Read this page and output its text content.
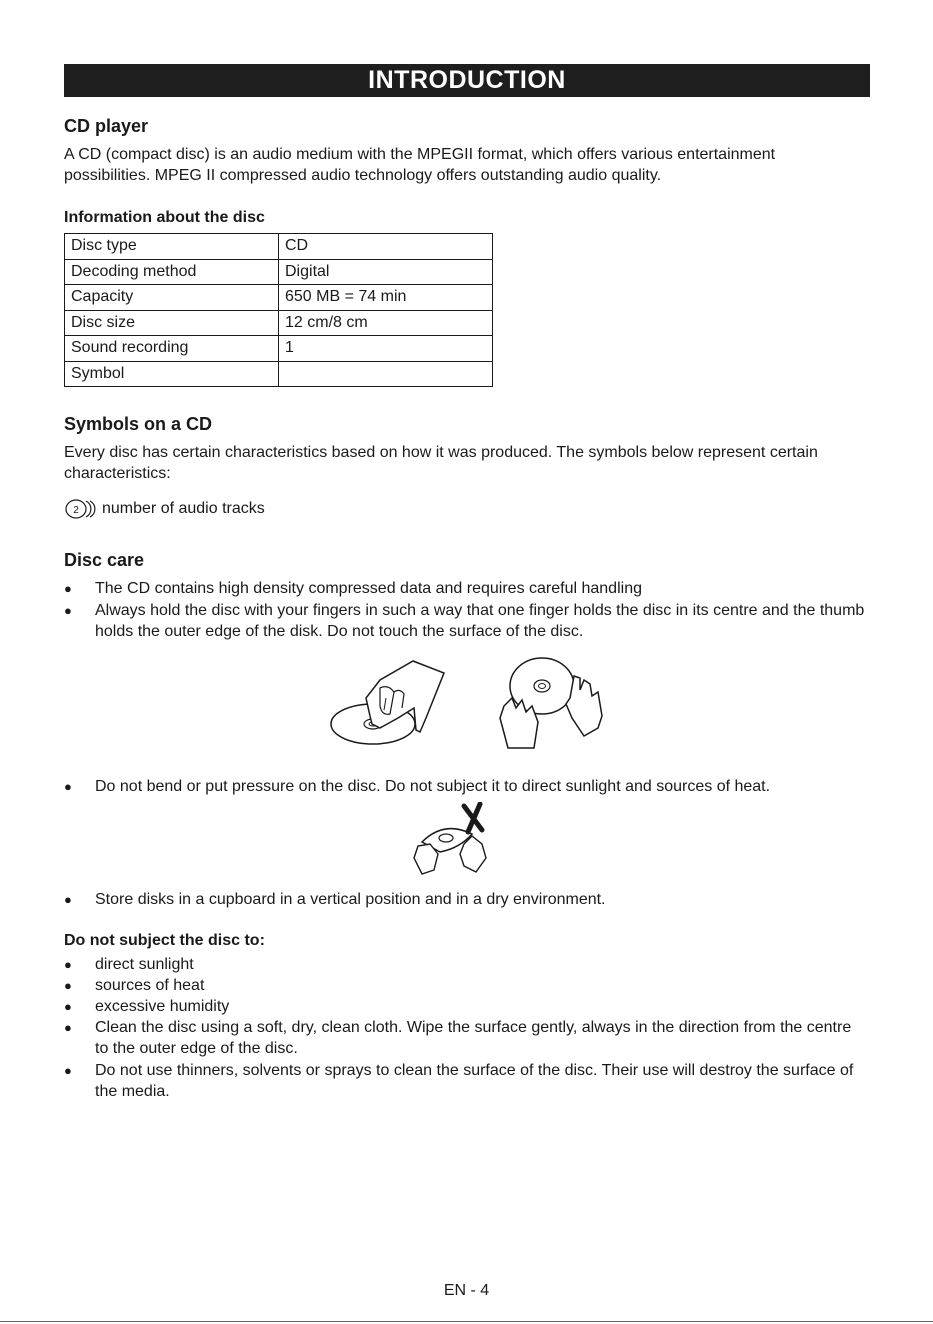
INTRODUCTION
CD player

A CD (compact disc) is an audio medium with the MPEGII format, which offers various entertainment possibilities. MPEG II compressed audio technology offers outstanding audio quality.

Information about the disc
Disc type	CD
Decoding method	Digital
Capacity	650 MB = 74 min
Disc size	12 cm/8 cm
Sound recording	1
Symbol	
Symbols on a CD

Every disc has certain characteristics based on how it was produced. The symbols below represent certain characteristics:

2 number of audio tracks
Disc care
● The CD contains high density compressed data and requires careful handling
● Always hold the disc with your fingers in such a way that one finger holds the disc in its centre and the thumb holds the outer edge of the disk. Do not touch the surface of the disc.
● Do not bend or put pressure on the disc. Do not subject it to direct sunlight and sources of heat.
● Store disks in a cupboard in a vertical position and in a dry environment.
Do not subject the disc to:
● direct sunlight
● sources of heat
● excessive humidity
● Clean the disc using a soft, dry, clean cloth. Wipe the surface gently, always in the direction from the centre to the outer edge of the disc.
● Do not use thinners, solvents or sprays to clean the surface of the disc. Their use will destroy the surface of the media.
EN - 4
